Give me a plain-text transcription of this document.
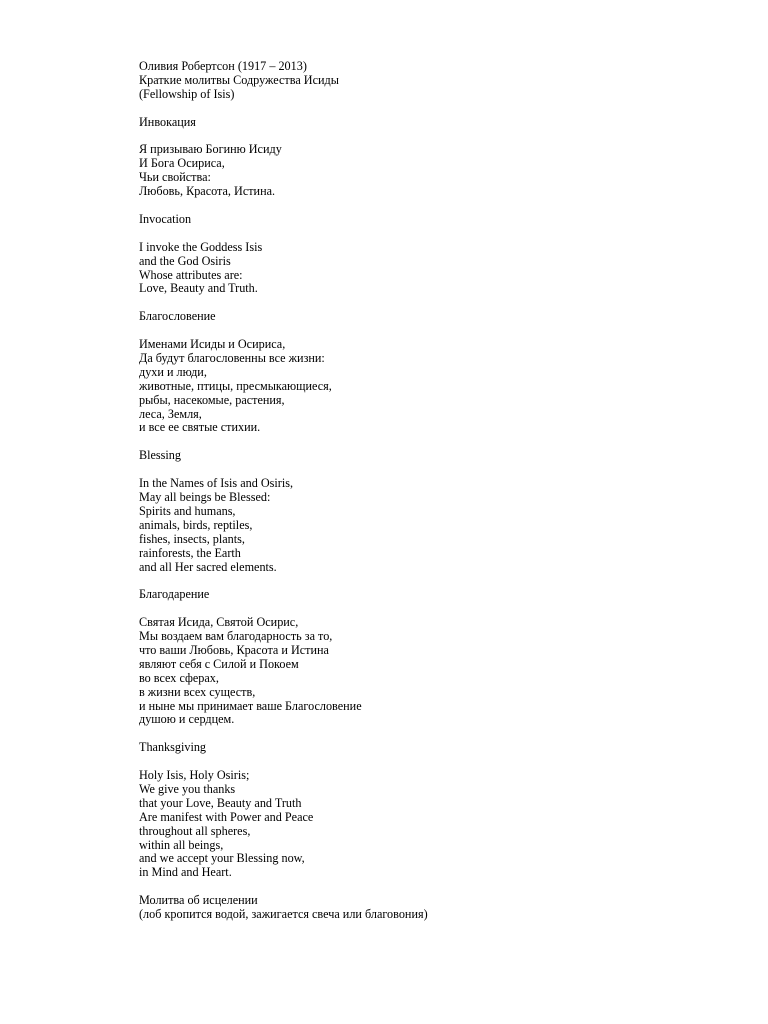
Оливия Робертсон (1917 – 2013)
Краткие молитвы Содружества Исиды
(Fellowship of Isis)
Инвокация
Я призываю Богиню Исиду
И Бога Осириса,
Чьи свойства:
Любовь, Красота, Истина.
Invocation
I invoke the Goddess Isis
and the God Osiris
Whose attributes are:
Love, Beauty and Truth.
Благословение
Именами Исиды и Осириса,
Да будут благословенны все жизни:
духи и люди,
животные, птицы, пресмыкающиеся,
рыбы, насекомые, растения,
леса, Земля,
и все ее святые стихии.
Blessing
In the Names of Isis and Osiris,
May all beings be Blessed:
Spirits and humans,
animals, birds, reptiles,
fishes, insects, plants,
rainforests, the Earth
and all Her sacred elements.
Благодарение
Святая Исида, Святой Осирис,
Мы воздаем вам благодарность за то,
что ваши Любовь, Красота и Истина
являют себя с Силой и Покоем
во всех сферах,
в жизни всех существ,
и ныне мы принимает ваше Благословение
душою и сердцем.
Thanksgiving
Holy Isis, Holy Osiris;
We give you thanks
that your Love, Beauty and Truth
Are manifest with Power and Peace
throughout all spheres,
within all beings,
and we accept your Blessing now,
in Mind and Heart.
Молитва об исцелении
(лоб кропится водой, зажигается свеча или благовония)
